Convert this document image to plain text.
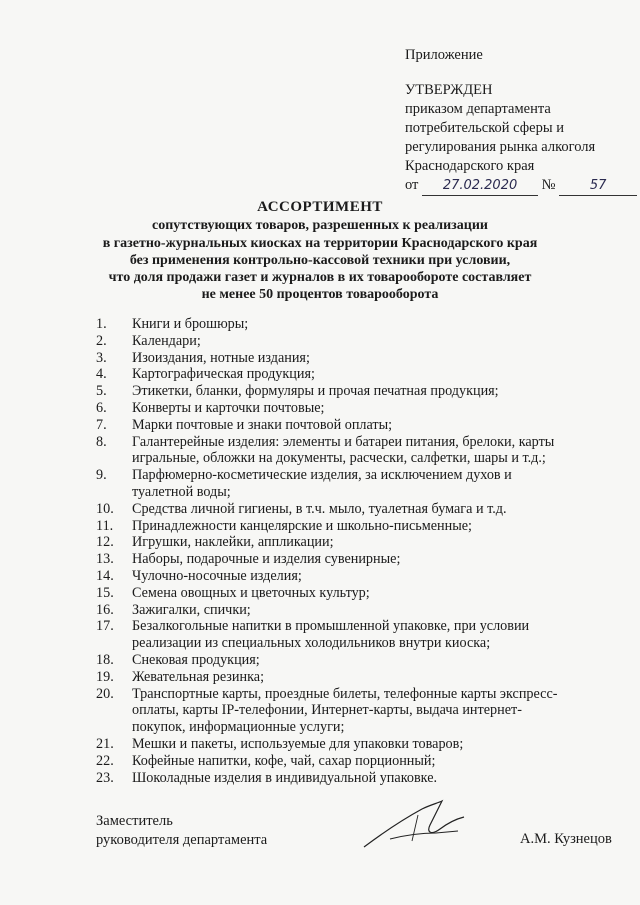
Приложение
УТВЕРЖДЕН
приказом департамента
потребительской сферы и
регулирования рынка алкоголя
Краснодарского края
от 27.02.2020 №	57
АССОРТИМЕНТ
сопутствующих товаров, разрешенных к реализации
в газетно-журнальных киосках на территории Краснодарского края
без применения контрольно-кассовой техники при условии,
что доля продажи газет и журналов в их товарообороте составляет
не менее 50 процентов товарооборота
1.	Книги и брошюры;
2.	Календари;
3.	Изоиздания, нотные издания;
4.	Картографическая продукция;
5.	Этикетки, бланки, формуляры и прочая печатная продукция;
6.	Конверты и карточки почтовые;
7.	Марки почтовые и знаки почтовой оплаты;
8.	Галантерейные изделия: элементы и батареи питания, брелоки, карты
игральные, обложки на документы, расчески, салфетки, шары и т.д.;
9.	Парфюмерно-косметические изделия, за исключением духов и
туалетной воды;
10.	Средства личной гигиены, в т.ч. мыло, туалетная бумага и т.д.
11.	Принадлежности канцелярские и школьно-письменные;
12.	Игрушки, наклейки, аппликации;
13.	Наборы, подарочные и изделия сувенирные;
14.	Чулочно-носочные изделия;
15.	Семена овощных и цветочных культур;
16.	Зажигалки, спички;
17.	Безалкогольные напитки в промышленной упаковке, при условии
реализации из специальных холодильников внутри киоска;
18.	Снековая продукция;
19.	Жевательная резинка;
20.	Транспортные карты, проездные билеты, телефонные карты экспресс-
оплаты, карты IP-телефонии, Интернет-карты, выдача интернет-
покупок, информационные услуги;
21.	Мешки и пакеты, используемые для упаковки товаров;
22.	Кофейные напитки, кофе, чай, сахар порционный;
23.	Шоколадные изделия в индивидуальной упаковке.
Заместитель
руководителя департамента	А.М. Кузнецов
